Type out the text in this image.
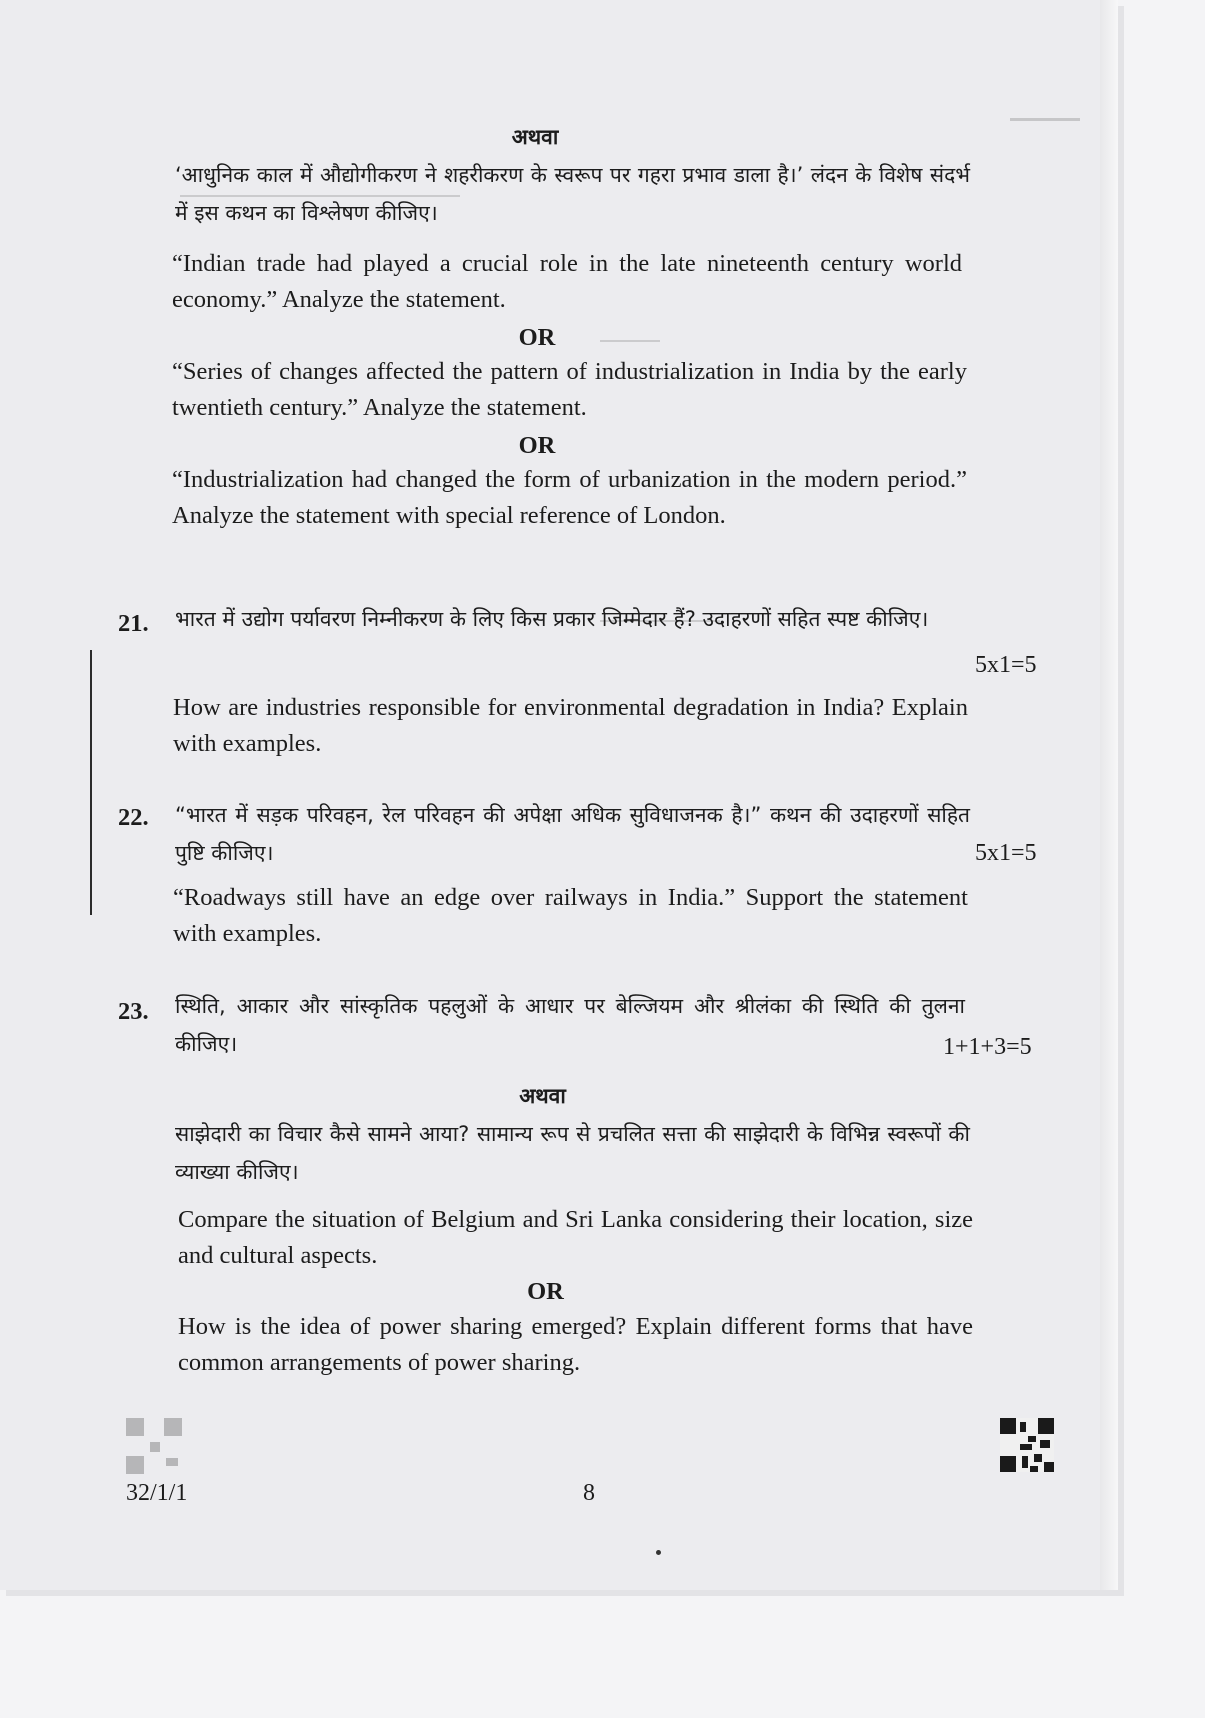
अथवा
‘आधुनिक काल में औद्योगीकरण ने शहरीकरण के स्वरूप पर गहरा प्रभाव डाला है।’ लंदन के विशेष संदर्भ में इस कथन का विश्लेषण कीजिए।
“Indian trade had played a crucial role in the late nineteenth century world economy.” Analyze the statement.
OR
“Series of changes affected the pattern of industrialization in India by the early twentieth century.” Analyze the statement.
OR
“Industrialization had changed the form of urbanization in the modern period.” Analyze the statement with special reference of London.
21. भारत में उद्योग पर्यावरण निम्नीकरण के लिए किस प्रकार जिम्मेदार हैं? उदाहरणों सहित स्पष्ट कीजिए।
5x1=5
How are industries responsible for environmental degradation in India? Explain with examples.
22. “भारत में सड़क परिवहन, रेल परिवहन की अपेक्षा अधिक सुविधाजनक है।” कथन की उदाहरणों सहित पुष्टि कीजिए।	5x1=5
“Roadways still have an edge over railways in India.” Support the statement with examples.
23. स्थिति, आकार और सांस्कृतिक पहलुओं के आधार पर बेल्जियम और श्रीलंका की स्थिति की तुलना कीजिए।	1+1+3=5
अथवा
साझेदारी का विचार कैसे सामने आया? सामान्य रूप से प्रचलित सत्ता की साझेदारी के विभिन्न स्वरूपों की व्याख्या कीजिए।
Compare the situation of Belgium and Sri Lanka considering their location, size and cultural aspects.
OR
How is the idea of power sharing emerged? Explain different forms that have common arrangements of power sharing.
32/1/1	8
